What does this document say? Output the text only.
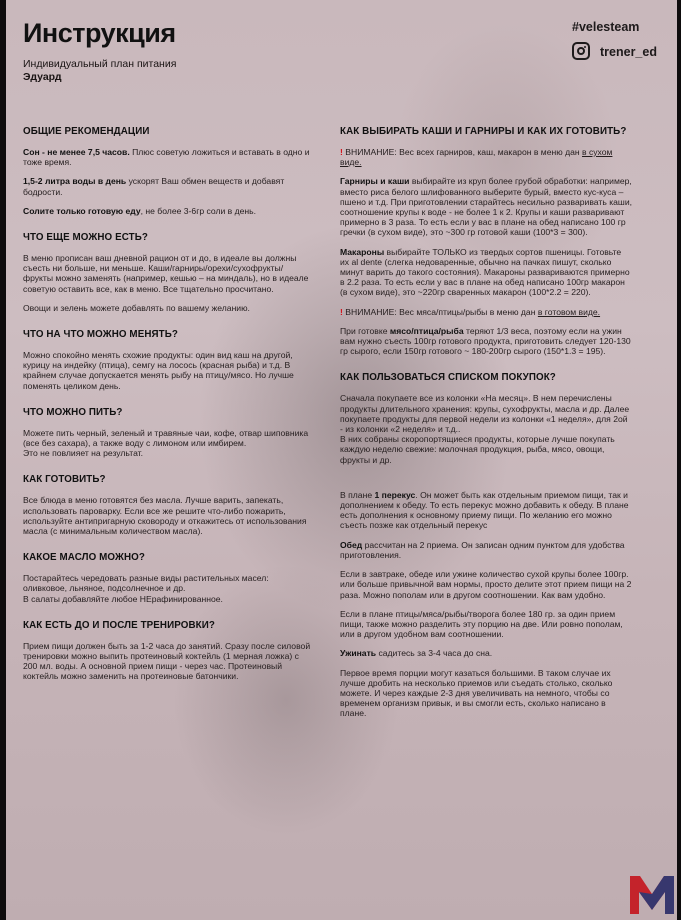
Инструкция
Индивидуальный план питания
Эдуард
#velesteam
trener_ed
ОБЩИЕ РЕКОМЕНДАЦИИ

Сон - не менее 7,5 часов. Плюс советую ложиться и вставать в одно и тоже время.

1,5-2 литра воды в день ускорят Ваш обмен веществ и добавят бодрости.

Солите только готовую еду, не более 3-6гр соли в день.

ЧТО ЕЩЕ МОЖНО ЕСТЬ?

В меню прописан ваш дневной рацион от и до, в идеале вы должны съесть ни больше, ни меньше. Каши/гарниры/орехи/сухофрукты/фрукты можно заменять (например, кешью – на миндаль), но в идеале советую оставить все, как в меню. Все тщательно просчитано.

Овощи и зелень можете добавлять по вашему желанию.

ЧТО НА ЧТО МОЖНО МЕНЯТЬ?

Можно спокойно менять схожие продукты: один вид каш на другой, курицу на индейку (птица), семгу на лосось (красная рыба) и т.д. В крайнем случае допускается менять рыбу на птицу/мясо. Но лучше поменять целиком день.

ЧТО МОЖНО ПИТЬ?

Можете пить черный, зеленый и травяные чаи, кофе, отвар шиповника (все без сахара), а также воду с лимоном или имбирем.
Это не повлияет на результат.

КАК ГОТОВИТЬ?

Все блюда в меню готовятся без масла. Лучше варить, запекать, использовать пароварку. Если все же решите что-либо пожарить, используйте антипригарную сковороду и откажитесь от использования масла (с минимальным количеством масла).

КАКОЕ МАСЛО МОЖНО?

Постарайтесь чередовать разные виды растительных масел: оливковое, льняное, подсолнечное и др.
В салаты добавляйте любое НЕрафинированное.

КАК ЕСТЬ ДО И ПОСЛЕ ТРЕНИРОВКИ?

Прием пищи должен быть за 1-2 часа до занятий. Сразу после силовой тренировки можно выпить протеиновый коктейль (1 мерная ложка) с 200 мл. воды. А основной прием пищи - через час. Протеиновый коктейль можно заменить на протеиновые батончики.

КАК ВЫБИРАТЬ КАШИ И ГАРНИРЫ И КАК ИХ ГОТОВИТЬ?

! ВНИМАНИЕ: Вес всех гарниров, каш, макарон в меню дан в сухом виде.

Гарниры и каши выбирайте из круп более грубой обработки: например, вместо риса белого шлифованного выберите бурый, вместо кус-куса – пшено и т.д. При приготовлении старайтесь несильно разваривать каши, соотношение крупы к воде - не более 1 к 2. Крупы и каши разваривают примерно в 3 раза. То есть если у вас в плане на обед написано 100 гр гречки (в сухом виде), это ~300 гр готовой каши (100*3 = 300).

Макароны выбирайте ТОЛЬКО из твердых сортов пшеницы. Готовьте их al dente (слегка недоваренные, обычно на пачках пишут, сколько минут варить до такого состояния). Макароны развариваются примерно в 2.2 раза. То есть если у вас в плане на обед написано 100гр макарон (в сухом виде), это ~220гр сваренных макарон (100*2.2 = 220).

! ВНИМАНИЕ: Вес мяса/птицы/рыбы в меню дан в готовом виде.

При готовке мясо/птица/рыба теряют 1/3 веса, поэтому если на ужин вам нужно съесть 100гр готового продукта, приготовить следует 120-130 гр сырого, если 150гр готового ~ 180-200гр сырого (150*1.3 = 195).

КАК ПОЛЬЗОВАТЬСЯ СПИСКОМ ПОКУПОК?

Сначала покупаете все из колонки «На месяц». В нем перечислены продукты длительного хранения: крупы, сухофрукты, масла и др. Далее покупаете продукты для первой недели из колонки «1 неделя», для 2ой - из колонки «2 неделя» и т.д..
В них собраны скоропортящиеся продукты, которые лучше покупать каждую неделю свежие: молочная продукция, рыба, мясо, овощи, фрукты и др.

В плане 1 перекус. Он может быть как отдельным приемом пищи, так и дополнением к обеду. То есть перекус можно добавить к обеду. В плане есть дополнения к основному приему пищи. По желанию его можно съесть позже как отдельный перекус

Обед рассчитан на 2 приема. Он записан одним пунктом для удобства приготовления.

Если в завтраке, обеде или ужине количество сухой крупы более 100гр. или больше привычной вам нормы, просто делите этот прием пищи на 2 раза. Можно пополам или в другом соотношении. Как вам удобно.

Если в плане птицы/мяса/рыбы/творога более 180 гр. за один прием пищи, также можно разделить эту порцию на две. Или ровно пополам, или в другом удобном вам соотношении.

Ужинать садитесь за 3-4 часа до сна.

Первое время порции могут казаться большими. В таком случае их лучше дробить на несколько приемов или съедать столько, сколько можете. И через каждые 2-3 дня увеличивать на немного, чтобы со временем организм привык, и вы смогли есть, сколько написано в плане.
